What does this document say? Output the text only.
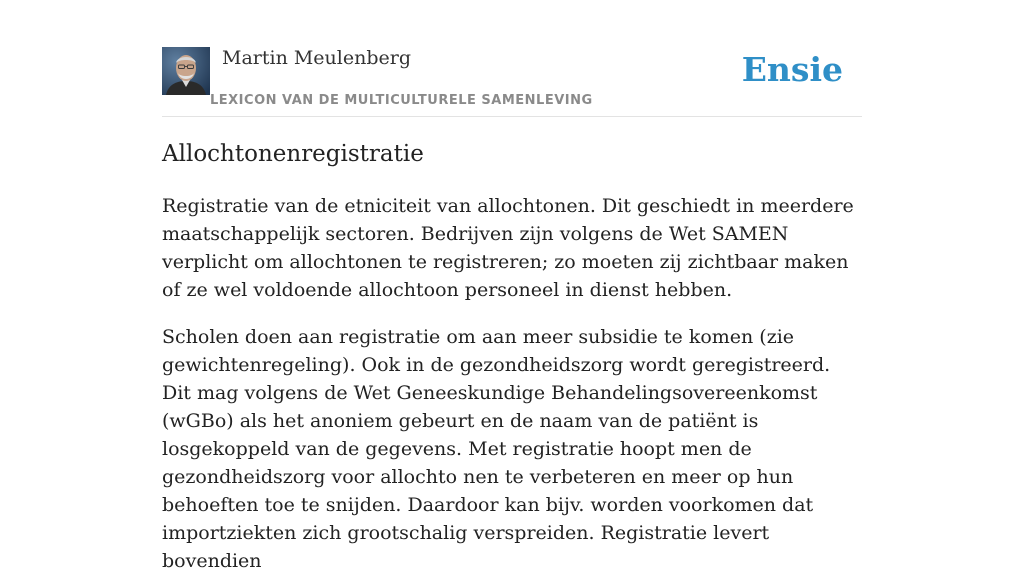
Martin Meulenberg
LEXICON VAN DE MULTICULTURELE SAMENLEVING
Ensie
Allochtonenregistratie

Registratie van de etniciteit van allochtonen. Dit geschiedt in meerdere maatschappelijk sectoren. Bedrijven zijn volgens de Wet SAMEN verplicht om allochtonen te registreren; zo moeten zij zichtbaar maken of ze wel voldoende allochtoon personeel in dienst hebben.

Scholen doen aan registratie om aan meer subsidie te komen (zie gewichtenregeling). Ook in de gezondheidszorg wordt geregistreerd. Dit mag volgens de Wet Geneeskundige Behandelingsovereenkomst (wGBo) als het anoniem gebeurt en de naam van de patiënt is losgekoppeld van de gegevens. Met registratie hoopt men de gezondheidszorg voor allochto nen te verbeteren en meer op hun behoeften toe te snijden. Daardoor kan bijv. worden voorkomen dat importziekten zich grootschalig verspreiden. Registratie levert bovendien
